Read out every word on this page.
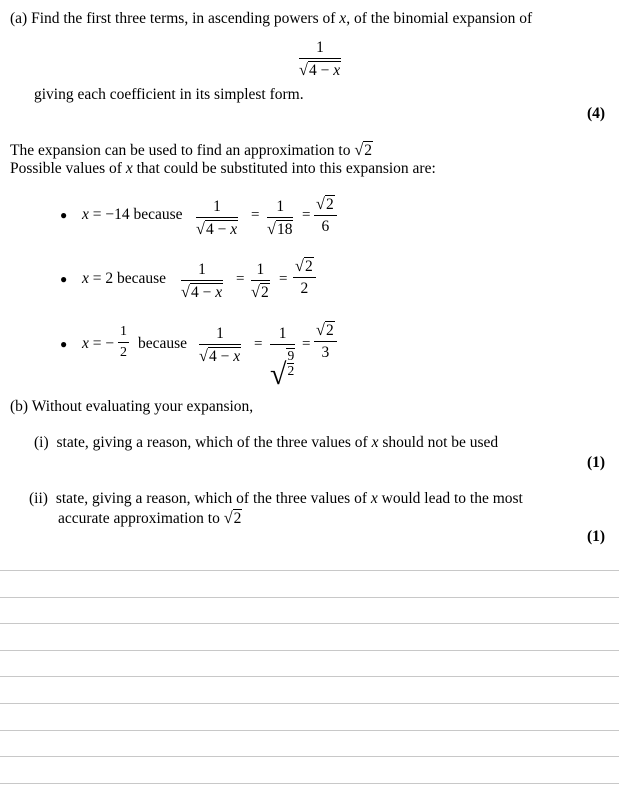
(a) Find the first three terms, in ascending powers of x, of the binomial expansion of
$\frac{1}{√4 - x}$
giving each coefficient in its simplest form.
(4)
The expansion can be used to find an approximation to √2
Possible values of x that could be substituted into this expansion are:
● x = −14 because $\frac{1}{√4 - x} = \frac{1}{√18} = \frac{√2}{6}$
● x = 2 because $\frac{1}{√4 - x} = \frac{1}{√2} = \frac{√2}{2}$
● x = − $\frac{1}{2}$ because $\frac{1}{√4 - x} = \frac{1}{√ \frac{9}{2}} = \frac{√2}{3}$
(b) Without evaluating your expansion,
(i) state, giving a reason, which of the three values of x should not be used
(1)
(ii) state, giving a reason, which of the three values of x would lead to the most
accurate approximation to √2
(1)
